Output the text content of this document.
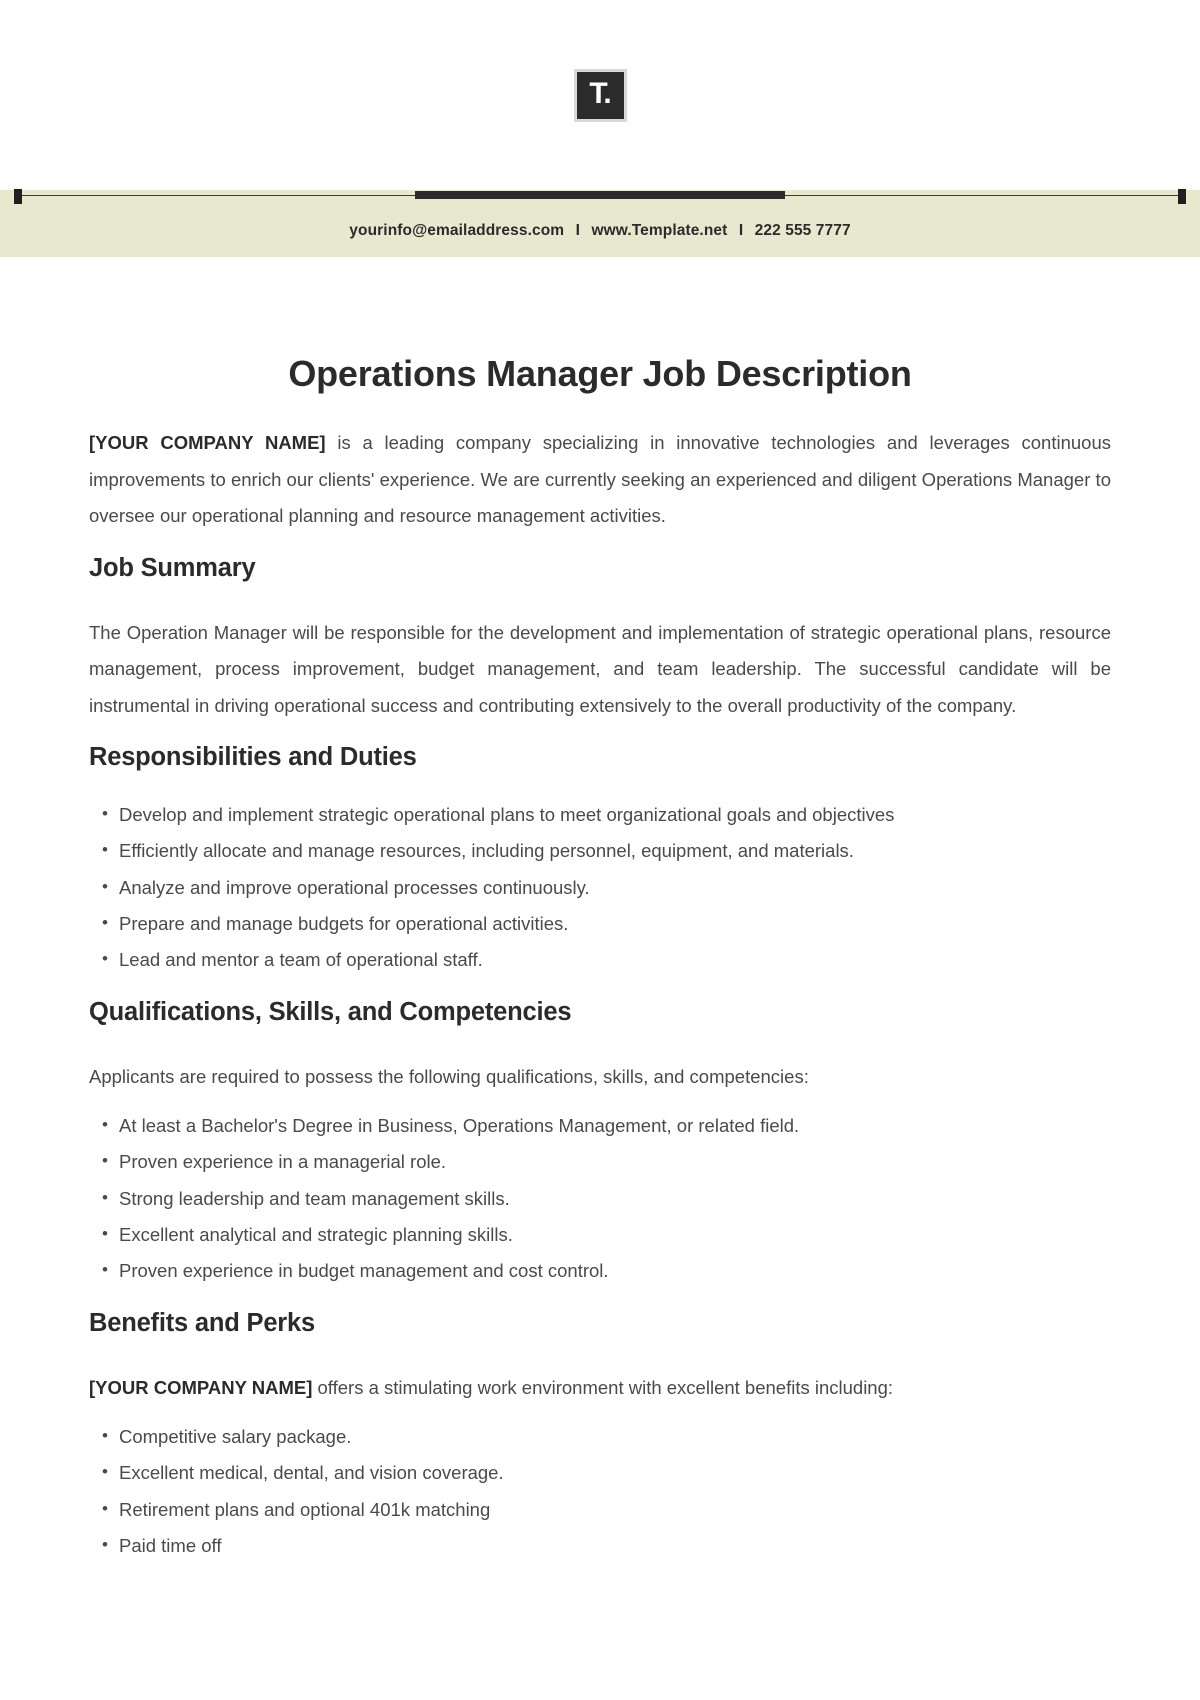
T.
yourinfo@emailaddress.com I www.Template.net I 222 555 7777
Operations Manager Job Description

[YOUR COMPANY NAME] is a leading company specializing in innovative technologies and leverages continuous improvements to enrich our clients' experience. We are currently seeking an experienced and diligent Operations Manager to oversee our operational planning and resource management activities.

Job Summary

The Operation Manager will be responsible for the development and implementation of strategic operational plans, resource management, process improvement, budget management, and team leadership. The successful candidate will be instrumental in driving operational success and contributing extensively to the overall productivity of the company.

Responsibilities and Duties
• Develop and implement strategic operational plans to meet organizational goals and objectives
• Efficiently allocate and manage resources, including personnel, equipment, and materials.
• Analyze and improve operational processes continuously.
• Prepare and manage budgets for operational activities.
• Lead and mentor a team of operational staff.
Qualifications, Skills, and Competencies

Applicants are required to possess the following qualifications, skills, and competencies:

• At least a Bachelor's Degree in Business, Operations Management, or related field.
• Proven experience in a managerial role.
• Strong leadership and team management skills.
• Excellent analytical and strategic planning skills.
• Proven experience in budget management and cost control.
Benefits and Perks

[YOUR COMPANY NAME] offers a stimulating work environment with excellent benefits including:

• Competitive salary package.
• Excellent medical, dental, and vision coverage.
• Retirement plans and optional 401k matching
• Paid time off
